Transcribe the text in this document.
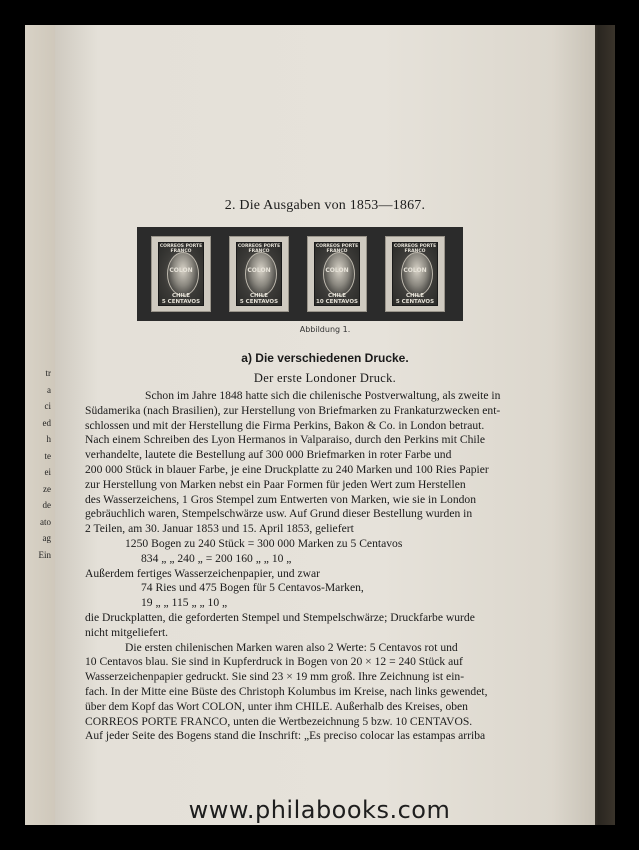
tr
a
ci
ed
h
te
ei
ze
de
ato
ag
Ein
2. Die Ausgaben von 1853—1867.
CORREOS PORTE FRANCO
COLON
CHILE
5 CENTAVOS
CORREOS PORTE FRANCO
COLON
CHILE
5 CENTAVOS
CORREOS PORTE FRANCO
COLON
CHILE
10 CENTAVOS
CORREOS PORTE FRANCO
COLON
CHILE
5 CENTAVOS
Abbildung 1.
a) Die verschiedenen Drucke.
Der erste Londoner Druck.
Schon im Jahre 1848 hatte sich die chilenische Postverwaltung, als zweite in
Südamerika (nach Brasilien), zur Herstellung von Briefmarken zu Frankaturzwecken ent-
schlossen und mit der Herstellung die Firma Perkins, Bakon & Co. in London betraut.
Nach einem Schreiben des Lyon Hermanos in Valparaiso, durch den Perkins mit Chile
verhandelte, lautete die Bestellung auf 300 000 Briefmarken in roter Farbe und
200 000 Stück in blauer Farbe, je eine Druckplatte zu 240 Marken und 100 Ries Papier
zur Herstellung von Marken nebst ein Paar Formen für jeden Wert zum Herstellen
des Wasserzeichens, 1 Gros Stempel zum Entwerten von Marken, wie sie in London
gebräuchlich waren, Stempelschwärze usw. Auf Grund dieser Bestellung wurden in
2 Teilen, am 30. Januar 1853 und 15. April 1853, geliefert
1250 Bogen zu 240 Stück = 300 000 Marken zu 5 Centavos
834 „ „ 240 „ = 200 160 „ „ 10 „
Außerdem fertiges Wasserzeichenpapier, und zwar
74 Ries und 475 Bogen für 5 Centavos-Marken,
19 „ „ 115 „ „ 10 „
die Druckplatten, die geforderten Stempel und Stempelschwärze; Druckfarbe wurde
nicht mitgeliefert.
Die ersten chilenischen Marken waren also 2 Werte: 5 Centavos rot und
10 Centavos blau. Sie sind in Kupferdruck in Bogen von 20 × 12 = 240 Stück auf
Wasserzeichenpapier gedruckt. Sie sind 23 × 19 mm groß. Ihre Zeichnung ist ein-
fach. In der Mitte eine Büste des Christoph Kolumbus im Kreise, nach links gewendet,
über dem Kopf das Wort COLON, unter ihm CHILE. Außerhalb des Kreises, oben
CORREOS PORTE FRANCO, unten die Wertbezeichnung 5 bzw. 10 CENTAVOS.
Auf jeder Seite des Bogens stand die Inschrift: „Es preciso colocar las estampas arriba
www.philabooks.com
